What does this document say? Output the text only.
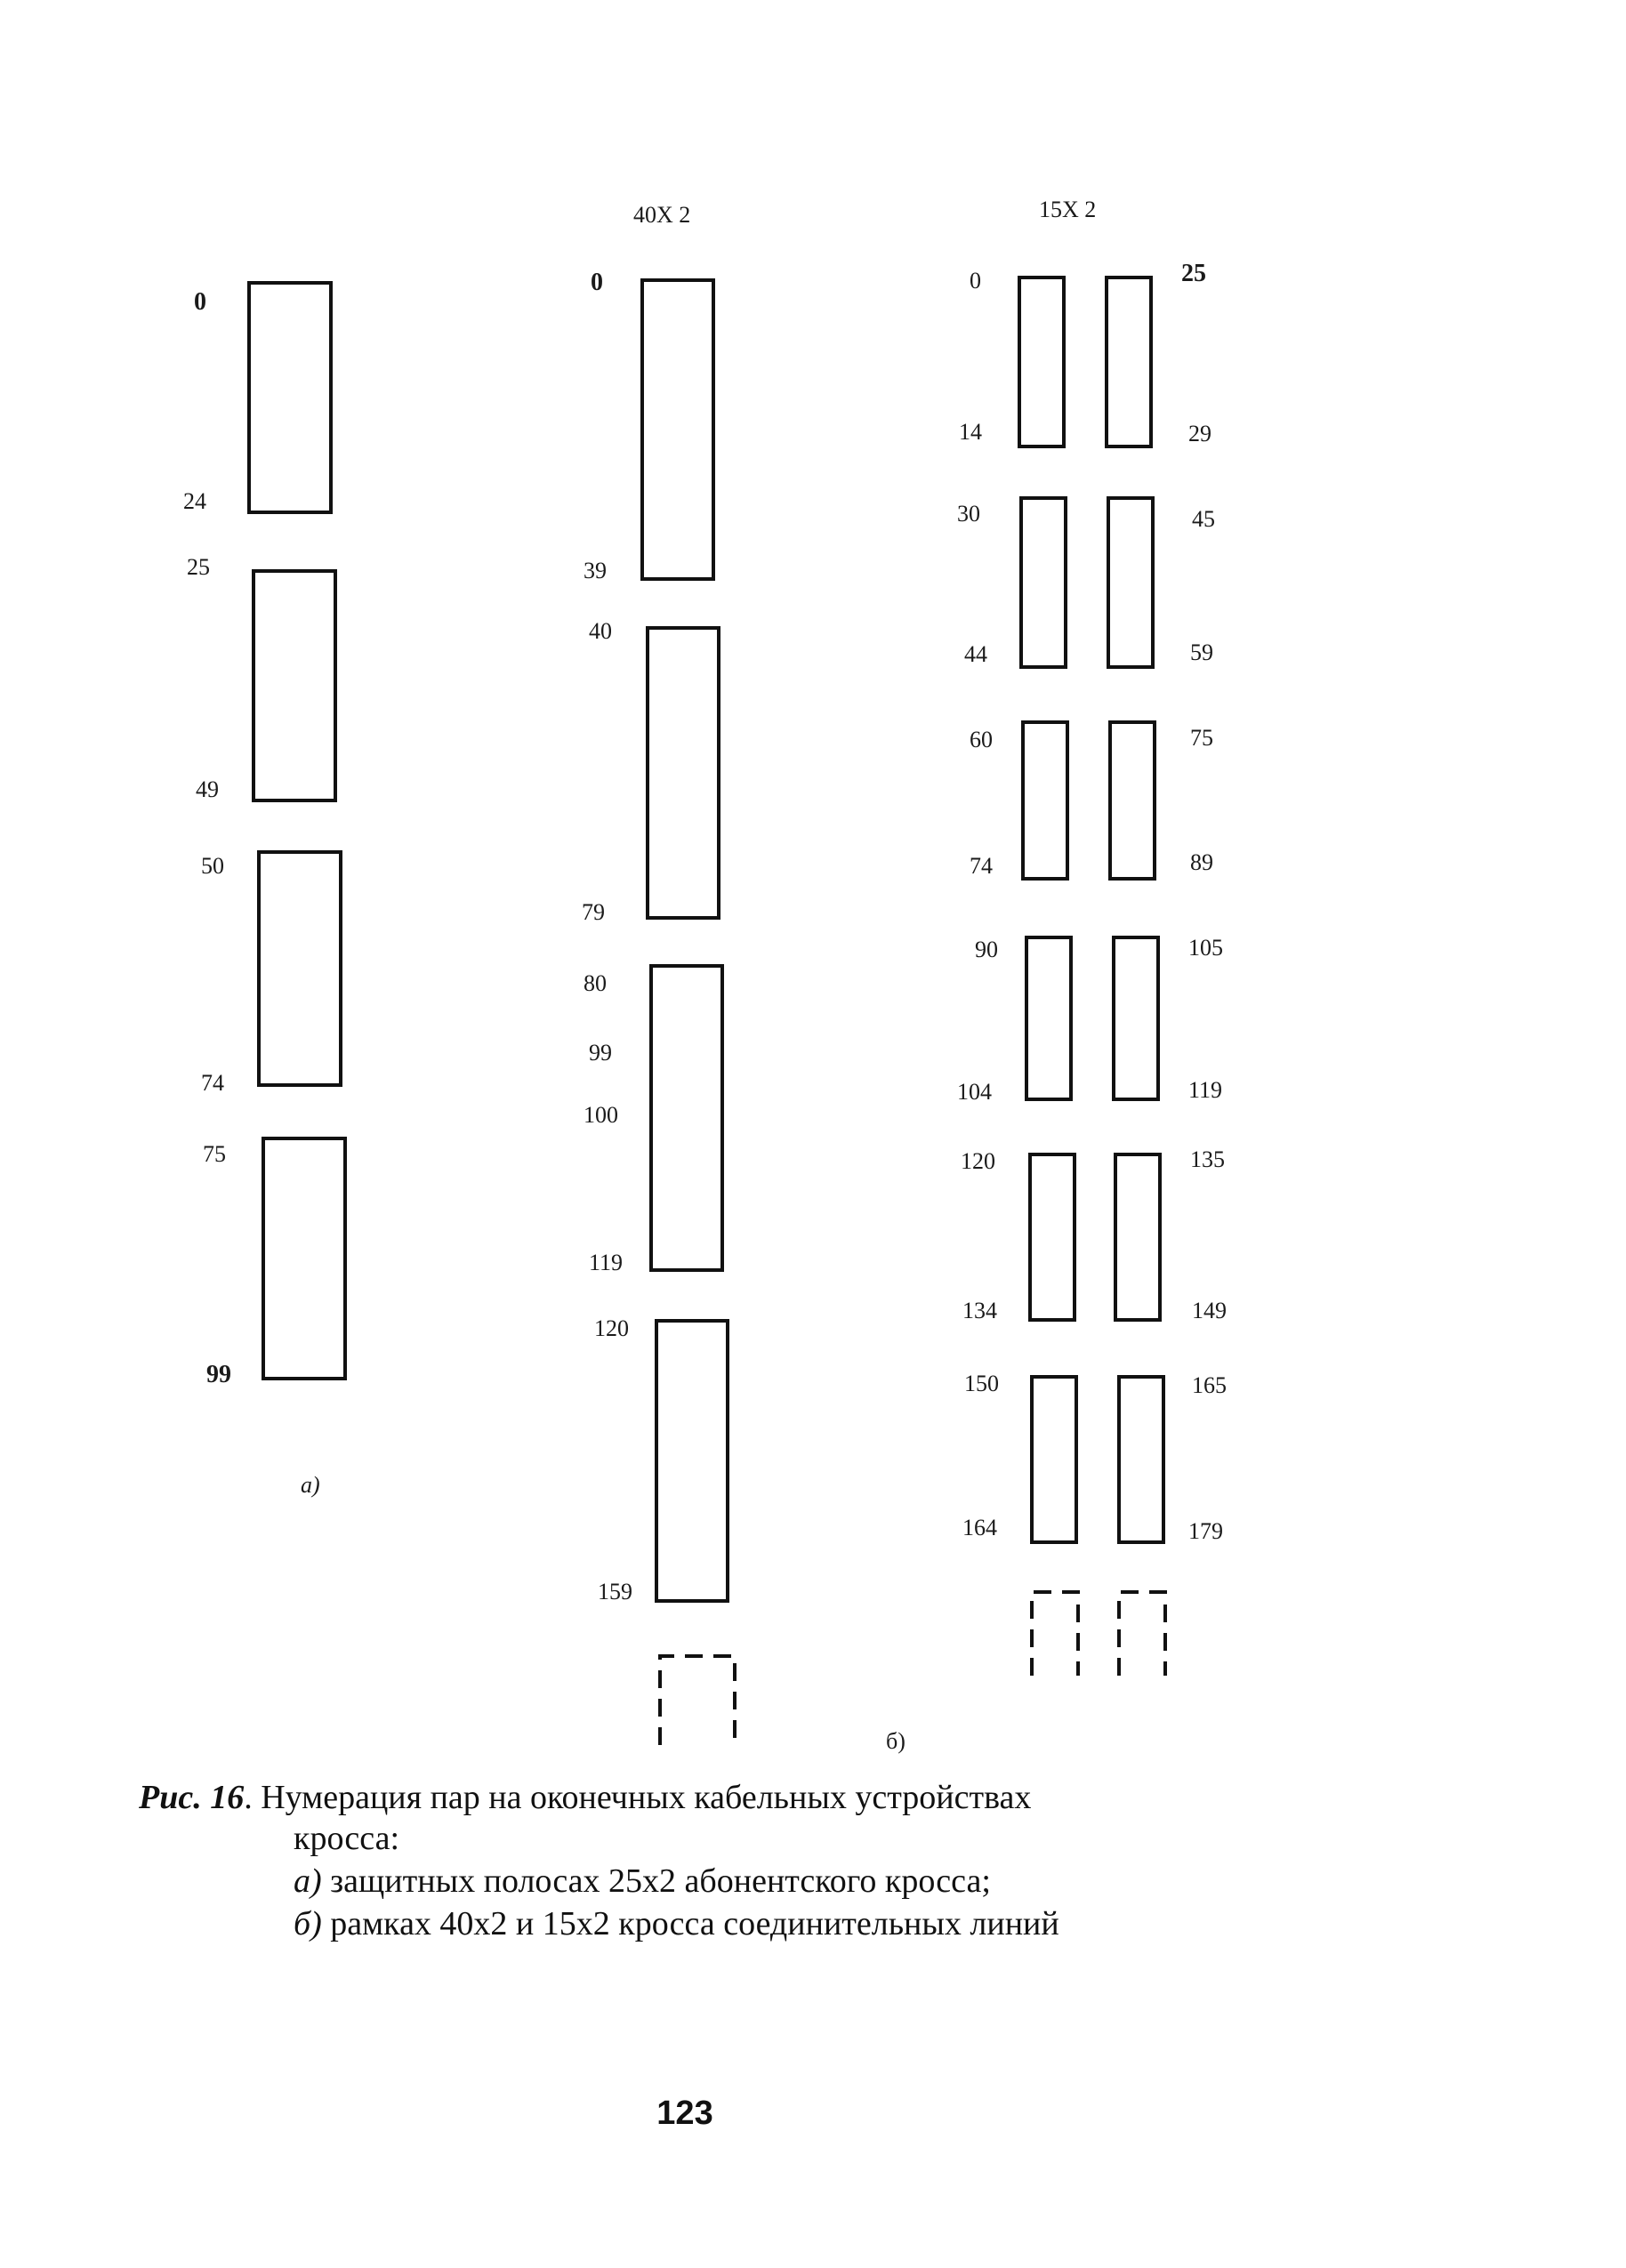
40X 2	15X 2
0
24
25
49
50
74
75
99
а)
0
39
40
79
80
99
100
119
120
159
б)
0
14
30
44
60
74
90
104
120
134
150
164
25
29
45
59
75
89
105
119
135
149
165
179
Рис. 16. Нумерация пар на оконечных кабельных устройствах
кросса:
а) защитных полосах 25x2 абонентского кросса;
б) рамках 40x2 и 15x2 кросса соединительных линий
123
